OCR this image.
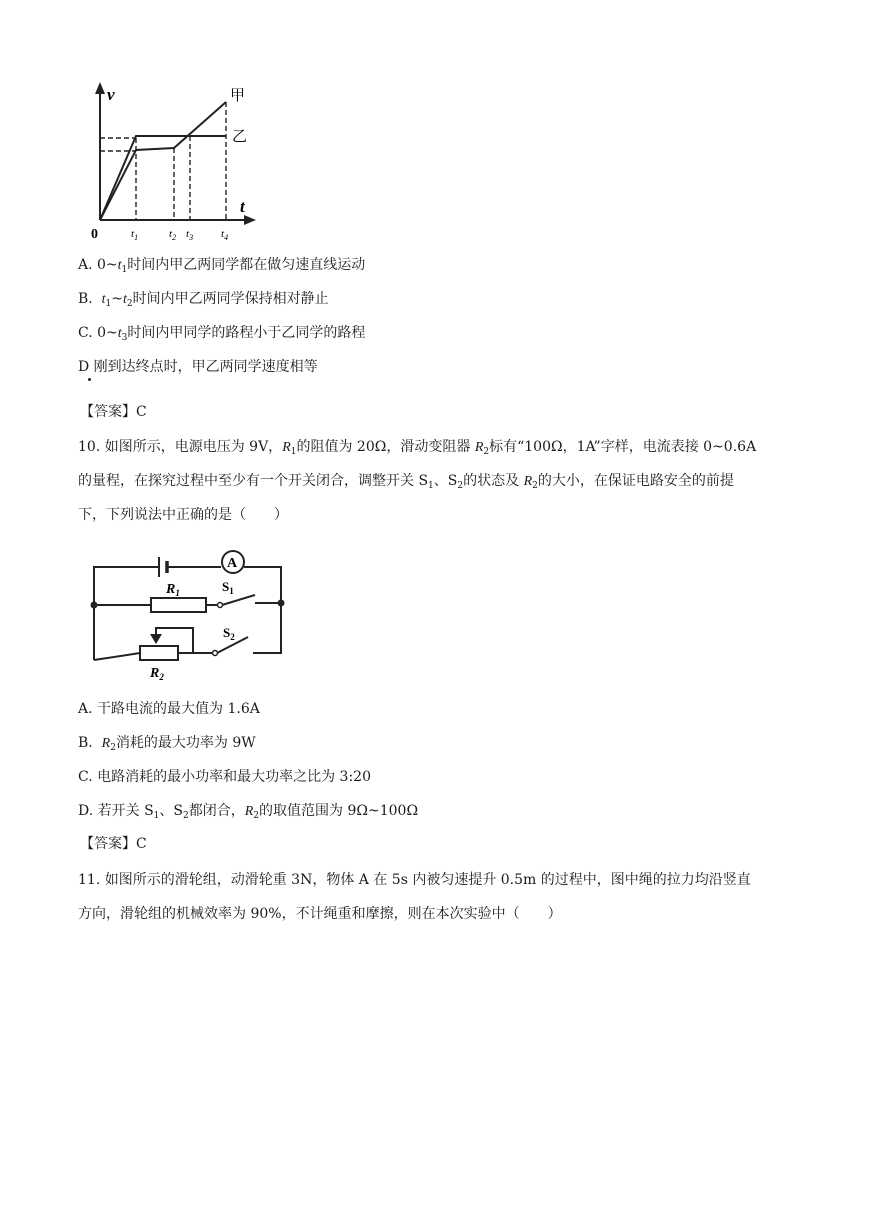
v
t
0
甲
乙
$t_1$	$t_2$ $t_3$	$t_4$
A. $0\sim t_1$时间内甲乙两同学都在做匀速直线运动
B.  $t_1\sim t_2$时间内甲乙两同学保持相对静止
C. $0\sim t_3$时间内甲同学的路程小于乙同学的路程
D 刚到达终点时，甲乙两同学速度相等
【答案】C
10. 如图所示，电源电压为 9V，$R_1$的阻值为 20Ω，滑动变阻器 $R_2$标有“100Ω，1A”字样，电流表接 0~0.6A
的量程，在探究过程中至少有一个开关闭合，调整开关 $S_1$、$S_2$的状态及 $R_2$的大小，在保证电路安全的前提
下，下列说法中正确的是（　　）
A
$R_1$	$S_1$
$S_2$
$R_2$
A. 干路电流的最大值为 1.6A
B.  $R_2$消耗的最大功率为 9W
C. 电路消耗的最小功率和最大功率之比为 3:20
D. 若开关 $S_1$、$S_2$都闭合，$R_2$的取值范围为 9Ω~100Ω
【答案】C
11. 如图所示的滑轮组，动滑轮重 3N，物体 A 在 5s 内被匀速提升 0.5m 的过程中，图中绳的拉力均沿竖直
方向，滑轮组的机械效率为 90%，不计绳重和摩擦，则在本次实验中（　　）
